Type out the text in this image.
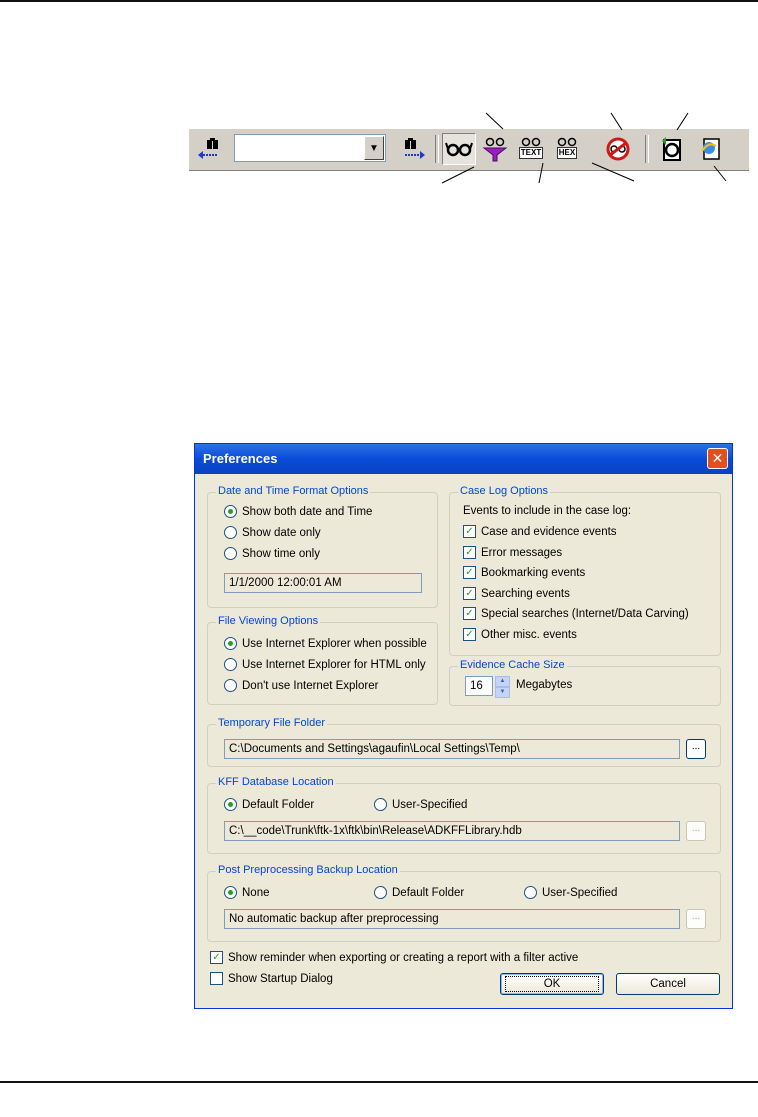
▼	TEXT HEX
Preferences	✕
Date and Time Format Options
Show both date and Time
Show date only
Show time only
1/1/2000 12:00:01 AM
Case Log Options
Events to include in the case log:
✓ Case and evidence events
✓ Error messages
✓ Bookmarking events
✓ Searching events
✓ Special searches (Internet/Data Carving)
✓ Other misc. events
File Viewing Options
Use Internet Explorer when possible
Use Internet Explorer for HTML only
Don't use Internet Explorer
Evidence Cache Size
16	▲
▼
Megabytes
Temporary File Folder
C:\Documents and Settings\agaufin\Local Settings\Temp\	...
KFF Database Location
Default Folder	User-Specified
C:\__code\Trunk\ftk-1x\ftk\bin\Release\ADKFFLibrary.hdb	...
Post Preprocessing Backup Location
None	Default Folder	User-Specified
No automatic backup after preprocessing	...
✓ Show reminder when exporting or creating a report with a filter active
Show Startup Dialog	OK	Cancel
